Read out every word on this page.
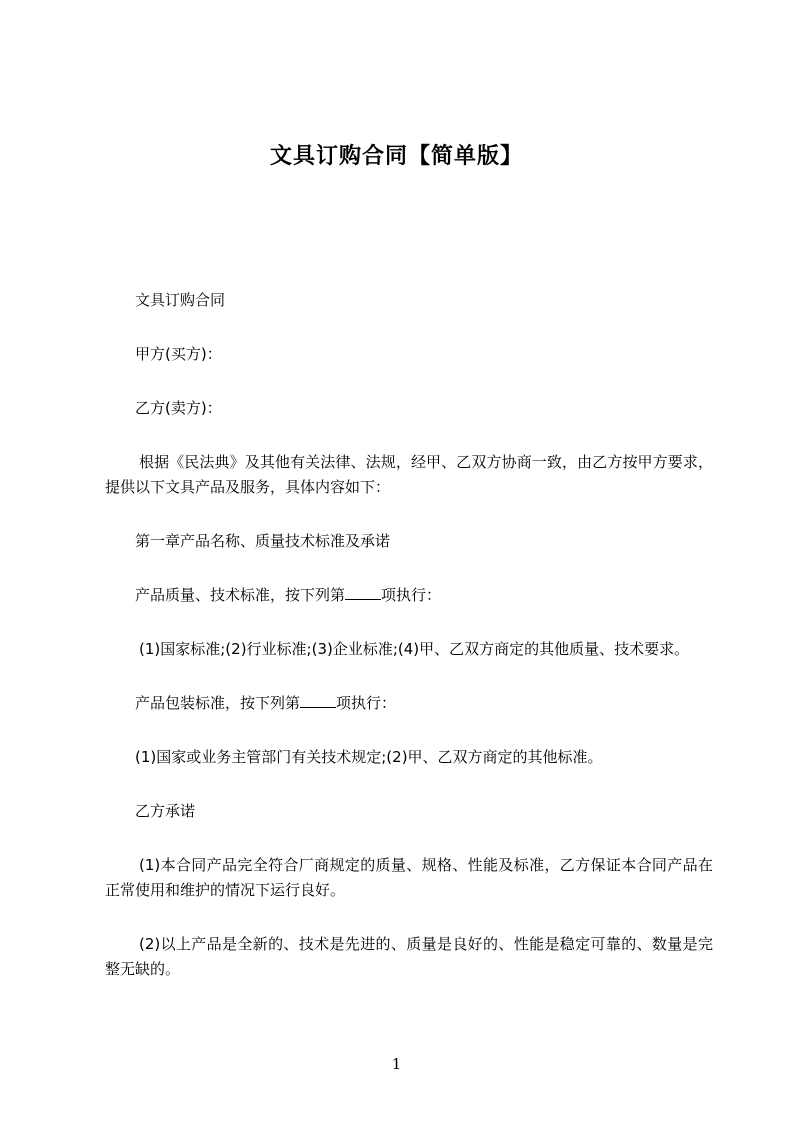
文具订购合同【简单版】

文具订购合同

甲方(买方)：

乙方(卖方)：

根据《民法典》及其他有关法律、法规，经甲、乙双方协商一致，由乙方按甲方要求，提供以下文具产品及服务，具体内容如下：

第一章产品名称、质量技术标准及承诺

产品质量、技术标准，按下列第 项执行：

(1)国家标准;(2)行业标准;(3)企业标准;(4)甲、乙双方商定的其他质量、技术要求。

产品包装标准，按下列第 项执行：

(1)国家或业务主管部门有关技术规定;(2)甲、乙双方商定的其他标准。

乙方承诺

(1)本合同产品完全符合厂商规定的质量、规格、性能及标准，乙方保证本合同产品在正常使用和维护的情况下运行良好。

(2)以上产品是全新的、技术是先进的、质量是良好的、性能是稳定可靠的、数量是完整无缺的。

1
